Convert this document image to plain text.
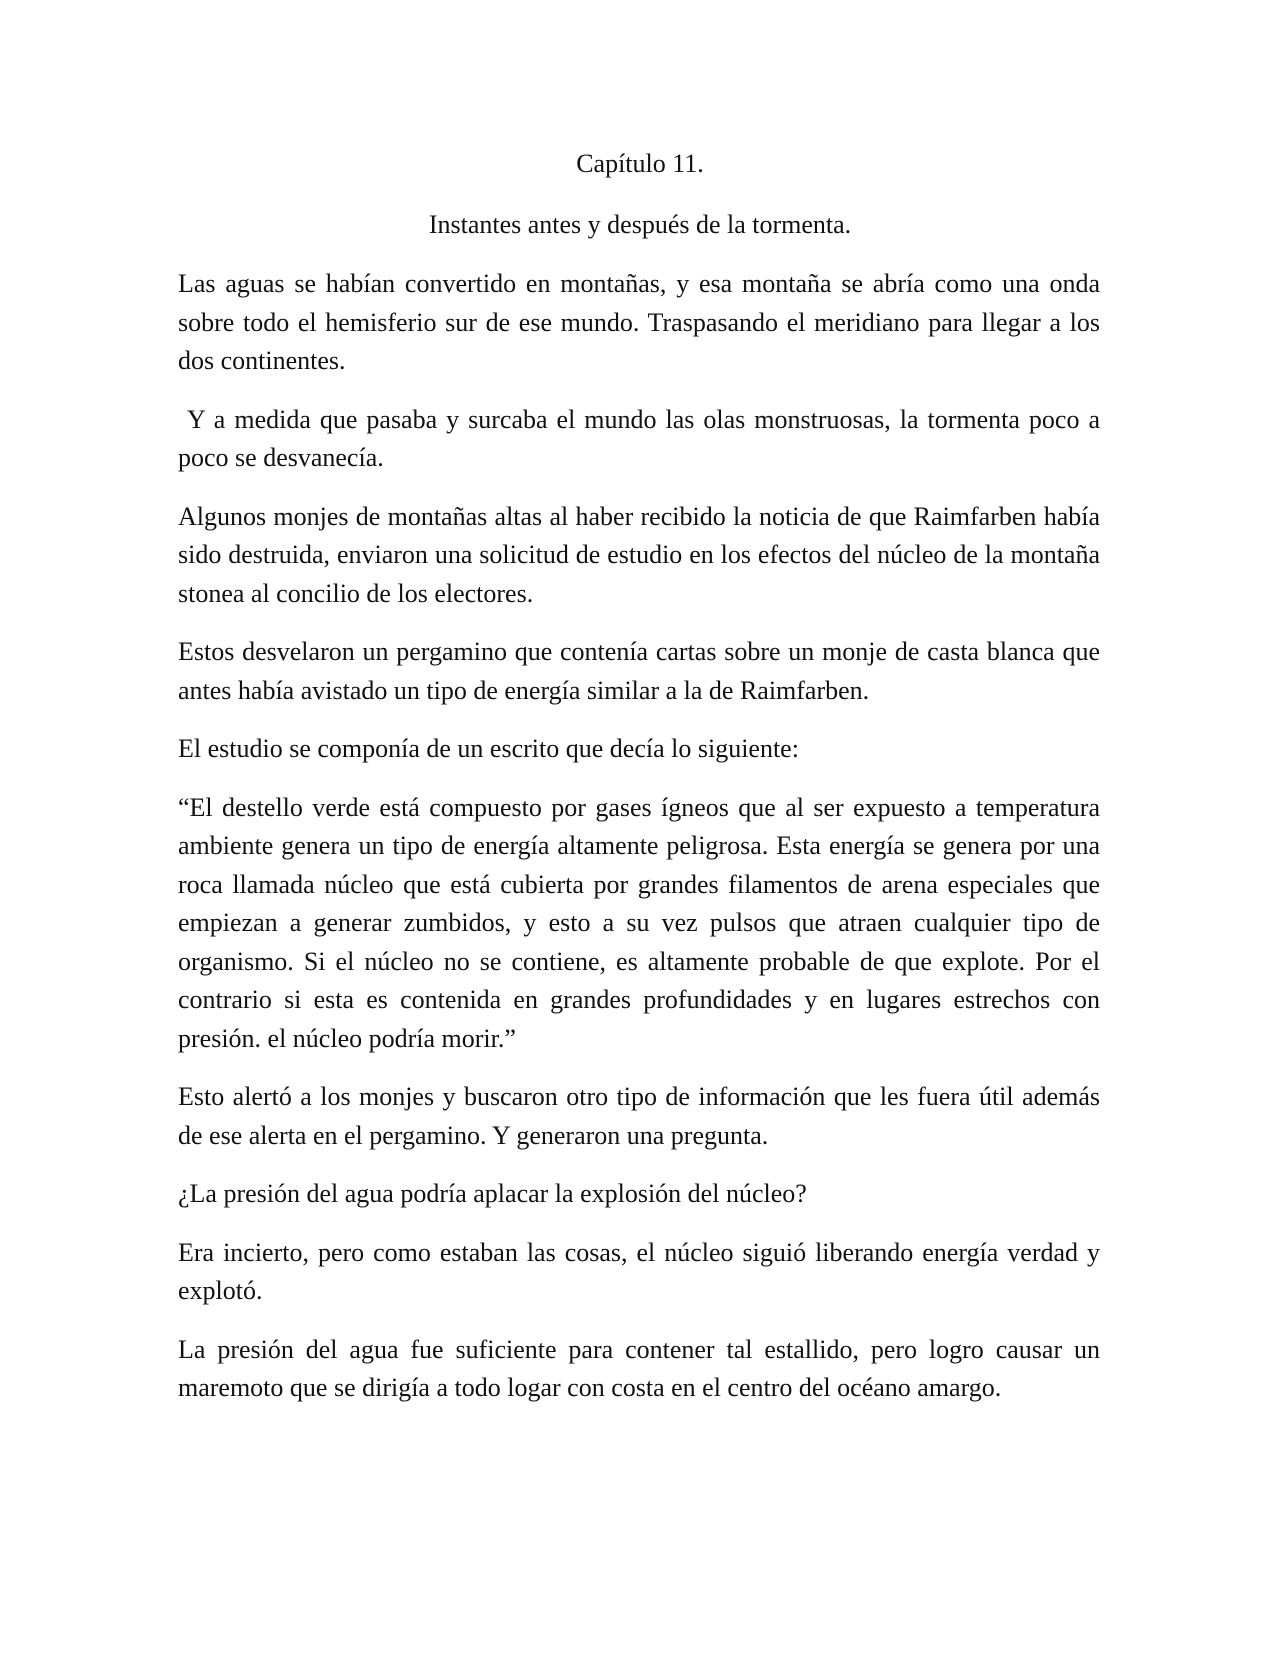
Capítulo 11.
Instantes antes y después de la tormenta.

Las aguas se habían convertido en montañas, y esa montaña se abría como una onda sobre todo el hemisferio sur de ese mundo. Traspasando el meridiano para llegar a los dos continentes.

Y a medida que pasaba y surcaba el mundo las olas monstruosas, la tormenta poco a poco se desvanecía.

Algunos monjes de montañas altas al haber recibido la noticia de que Raimfarben había sido destruida, enviaron una solicitud de estudio en los efectos del núcleo de la montaña stonea al concilio de los electores.

Estos desvelaron un pergamino que contenía cartas sobre un monje de casta blanca que antes había avistado un tipo de energía similar a la de Raimfarben.

El estudio se componía de un escrito que decía lo siguiente:

“El destello verde está compuesto por gases ígneos que al ser expuesto a temperatura ambiente genera un tipo de energía altamente peligrosa. Esta energía se genera por una roca llamada núcleo que está cubierta por grandes filamentos de arena especiales que empiezan a generar zumbidos, y esto a su vez pulsos que atraen cualquier tipo de organismo. Si el núcleo no se contiene, es altamente probable de que explote. Por el contrario si esta es contenida en grandes profundidades y en lugares estrechos con presión. el núcleo podría morir.”

Esto alertó a los monjes y buscaron otro tipo de información que les fuera útil además de ese alerta en el pergamino. Y generaron una pregunta.

¿La presión del agua podría aplacar la explosión del núcleo?

Era incierto, pero como estaban las cosas, el núcleo siguió liberando energía verdad y explotó.

La presión del agua fue suficiente para contener tal estallido, pero logro causar un maremoto que se dirigía a todo logar con costa en el centro del océano amargo.
